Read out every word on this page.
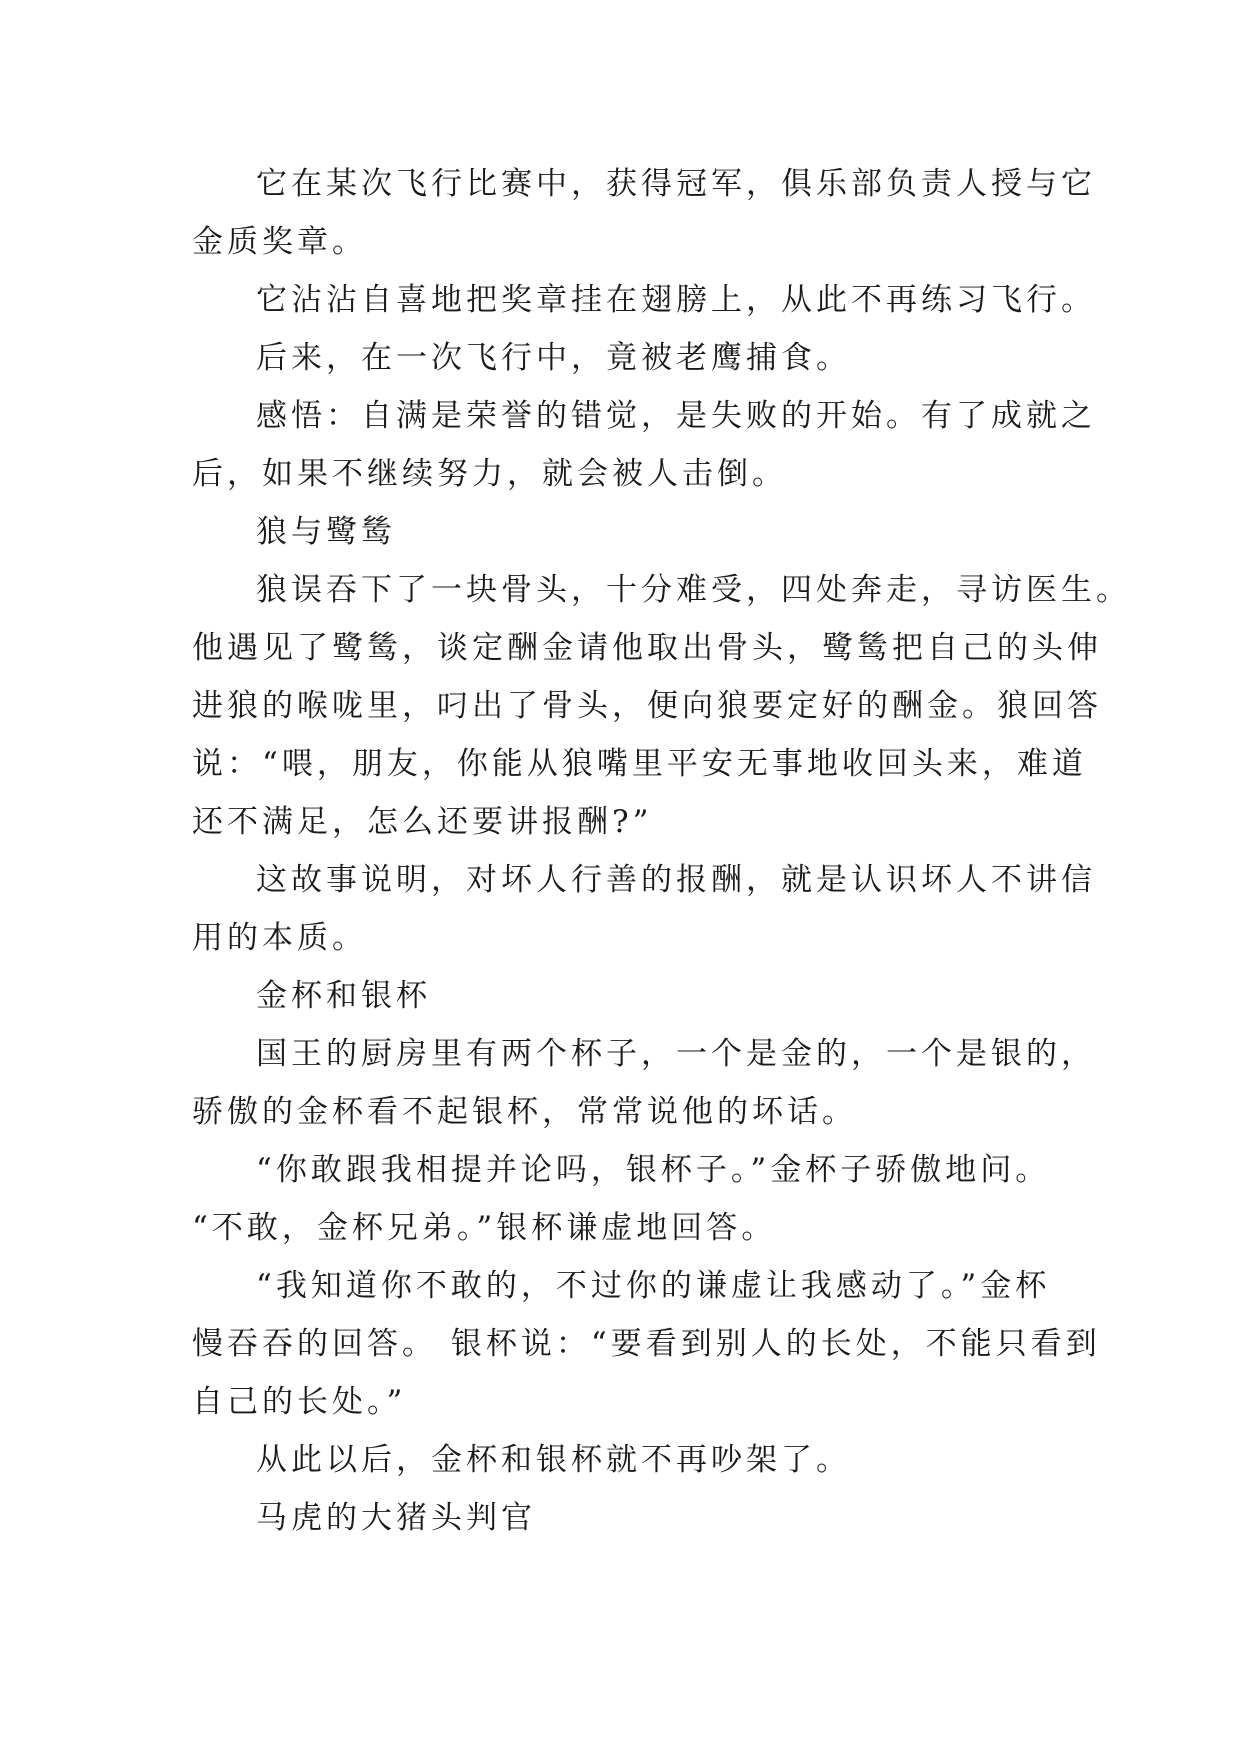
它在某次飞行比赛中，获得冠军，俱乐部负责人授与它
金质奖章。
它沾沾自喜地把奖章挂在翅膀上，从此不再练习飞行。
后来，在一次飞行中，竟被老鹰捕食。
感悟：自满是荣誉的错觉，是失败的开始。有了成就之
后，如果不继续努力，就会被人击倒。
狼与鹭鸶
狼误吞下了一块骨头，十分难受，四处奔走，寻访医生。
他遇见了鹭鸶，谈定酬金请他取出骨头，鹭鸶把自己的头伸
进狼的喉咙里，叼出了骨头，便向狼要定好的酬金。狼回答
说：“喂，朋友，你能从狼嘴里平安无事地收回头来，难道
还不满足，怎么还要讲报酬?”
这故事说明，对坏人行善的报酬，就是认识坏人不讲信
用的本质。
金杯和银杯
国王的厨房里有两个杯子，一个是金的，一个是银的，
骄傲的金杯看不起银杯，常常说他的坏话。
“你敢跟我相提并论吗，银杯子。”金杯子骄傲地问。
“不敢，金杯兄弟。”银杯谦虚地回答。
“我知道你不敢的，不过你的谦虚让我感动了。”金杯
慢吞吞的回答。 银杯说：“要看到别人的长处，不能只看到
自己的长处。”
从此以后，金杯和银杯就不再吵架了。
马虎的大猪头判官
